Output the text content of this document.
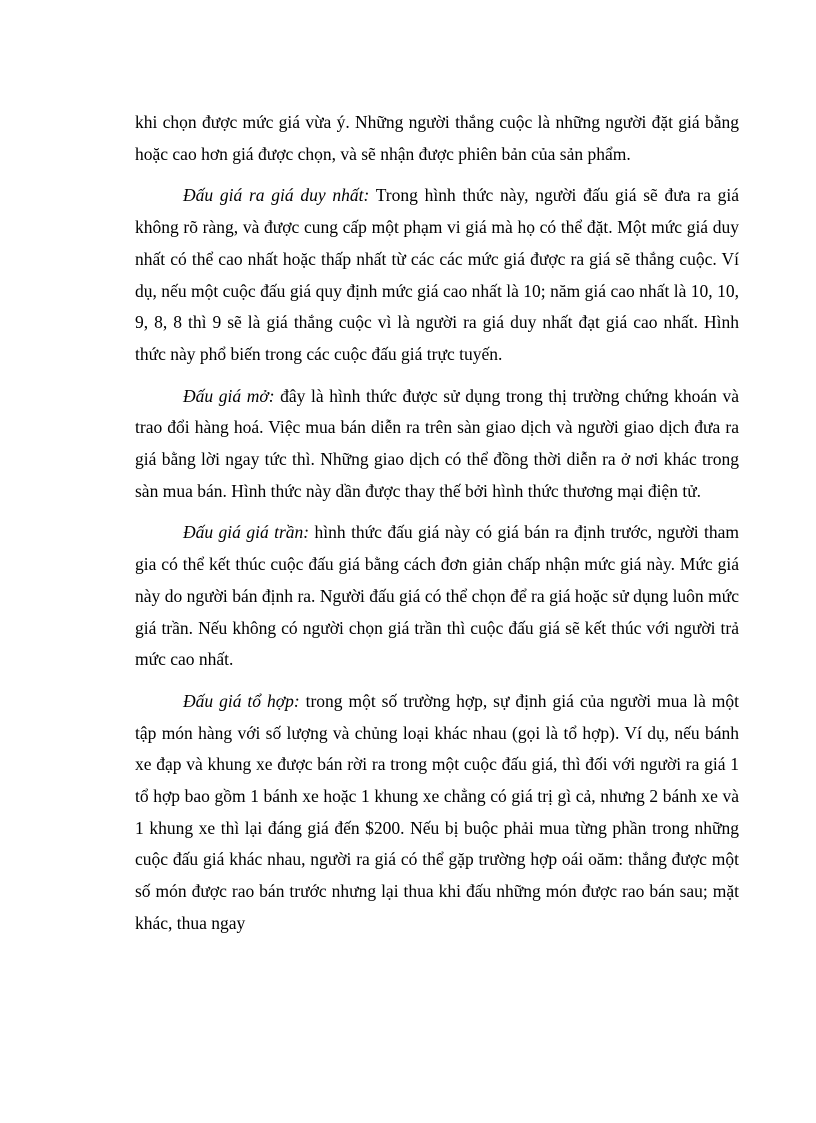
khi chọn được mức giá vừa ý. Những người thắng cuộc là những người đặt giá bằng hoặc cao hơn giá được chọn, và sẽ nhận được phiên bản của sản phẩm.

Đấu giá ra giá duy nhất: Trong hình thức này, người đấu giá sẽ đưa ra giá không rõ ràng, và được cung cấp một phạm vi giá mà họ có thể đặt. Một mức giá duy nhất có thể cao nhất hoặc thấp nhất từ các các mức giá được ra giá sẽ thắng cuộc. Ví dụ, nếu một cuộc đấu giá quy định mức giá cao nhất là 10; năm giá cao nhất là 10, 10, 9, 8, 8 thì 9 sẽ là giá thắng cuộc vì là người ra giá duy nhất đạt giá cao nhất. Hình thức này phổ biến trong các cuộc đấu giá trực tuyến.

Đấu giá mở: đây là hình thức được sử dụng trong thị trường chứng khoán và trao đổi hàng hoá. Việc mua bán diễn ra trên sàn giao dịch và người giao dịch đưa ra giá bằng lời ngay tức thì. Những giao dịch có thể đồng thời diễn ra ở nơi khác trong sàn mua bán. Hình thức này dần được thay thế bởi hình thức thương mại điện tử.

Đấu giá giá trần: hình thức đấu giá này có giá bán ra định trước, người tham gia có thể kết thúc cuộc đấu giá bằng cách đơn giản chấp nhận mức giá này. Mức giá này do người bán định ra. Người đấu giá có thể chọn để ra giá hoặc sử dụng luôn mức giá trần. Nếu không có người chọn giá trần thì cuộc đấu giá sẽ kết thúc với người trả mức cao nhất.

Đấu giá tổ hợp: trong một số trường hợp, sự định giá của người mua là một tập món hàng với số lượng và chủng loại khác nhau (gọi là tổ hợp). Ví dụ, nếu bánh xe đạp và khung xe được bán rời ra trong một cuộc đấu giá, thì đối với người ra giá 1 tổ hợp bao gồm 1 bánh xe hoặc 1 khung xe chẳng có giá trị gì cả, nhưng 2 bánh xe và 1 khung xe thì lại đáng giá đến $200. Nếu bị buộc phải mua từng phần trong những cuộc đấu giá khác nhau, người ra giá có thể gặp trường hợp oái oăm: thắng được một số món được rao bán trước nhưng lại thua khi đấu những món được rao bán sau; mặt khác, thua ngay
